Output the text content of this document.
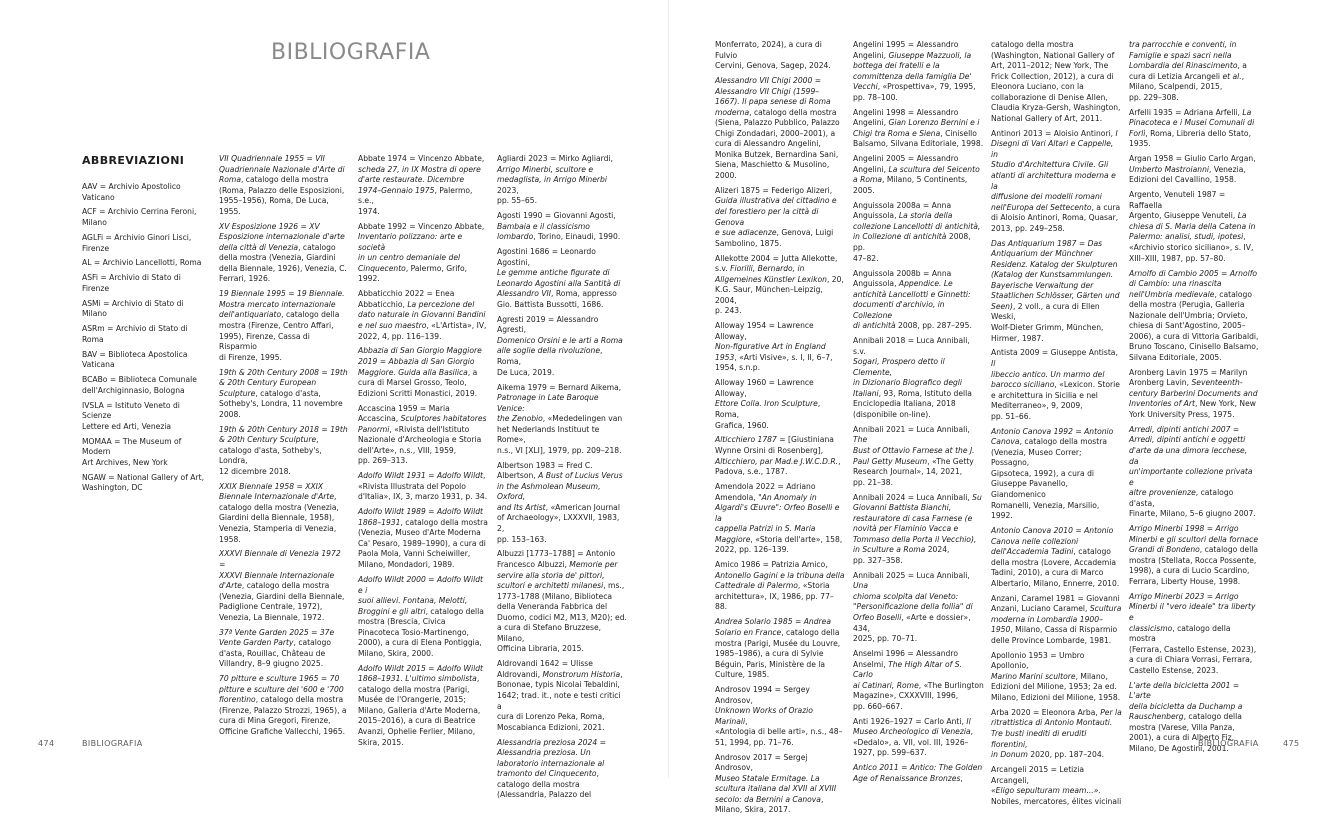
BIBLIOGRAFIA
ABBREVIAZIONI

AAV = Archivio Apostolico Vaticano

ACF = Archivio Cerrina Feroni,
Milano

AGLFi = Archivio Ginori Lisci,
Firenze

AL = Archivio Lancellotti, Roma

ASFi = Archivio di Stato di Firenze

ASMi = Archivio di Stato di Milano

ASRm = Archivio di Stato di Roma

BAV = Biblioteca Apostolica
Vaticana

BCABo = Biblioteca Comunale
dell'Archiginnasio, Bologna

IVSLA = Istituto Veneto di Scienze
Lettere ed Arti, Venezia

MOMAA = The Museum of Modern
Art Archives, New York

NGAW = National Gallery of Art,
Washington, DC

VII Quadriennale 1955 = VII
Quadriennale Nazionale d'Arte di
Roma, catalogo della mostra
(Roma, Palazzo delle Esposizioni,
1955–1956), Roma, De Luca,
1955.

XV Esposizione 1926 = XV
Esposizione internazionale d'arte
della città di Venezia, catalogo
della mostra (Venezia, Giardini
della Biennale, 1926), Venezia, C.
Ferrari, 1926.

19 Biennale 1995 = 19 Biennale.
Mostra mercato internazionale
dell'antiquariato, catalogo della
mostra (Firenze, Centro Affari,
1995), Firenze, Cassa di Risparmio
di Firenze, 1995.

19th & 20th Century 2008 = 19th
& 20th Century European
Sculpture, catalogo d'asta,
Sotheby's, Londra, 11 novembre
2008.

19th & 20th Century 2018 = 19th
& 20th Century Sculpture,
catalogo d'asta, Sotheby's, Londra,
12 dicembre 2018.

XXIX Biennale 1958 = XXIX
Biennale Internazionale d'Arte,
catalogo della mostra (Venezia,
Giardini della Biennale, 1958),
Venezia, Stamperia di Venezia,
1958.

XXXVI Biennale di Venezia 1972 =
XXXVI Biennale Internazionale
d'Arte, catalogo della mostra
(Venezia, Giardini della Biennale,
Padiglione Centrale, 1972),
Venezia, La Biennale, 1972.

37ª Vente Garden 2025 = 37e
Vente Garden Party, catalogo
d'asta, Rouillac, Château de
Villandry, 8–9 giugno 2025.

70 pitture e sculture 1965 = 70
pitture e sculture del '600 e '700
fiorentino, catalogo della mostra
(Firenze, Palazzo Strozzi, 1965), a
cura di Mina Gregori, Firenze,
Officine Grafiche Vallecchi, 1965.

Abbate 1974 = Vincenzo Abbate,
scheda 27, in IX Mostra di opere
d'arte restaurate. Dicembre
1974–Gennaio 1975, Palermo, s.e.,
1974.

Abbate 1992 = Vincenzo Abbate,
Inventario polizzano: arte e società
in un centro demaniale del
Cinquecento, Palermo, Grifo, 1992.

Abbaticchio 2022 = Enea
Abbaticchio, La percezione del
dato naturale in Giovanni Bandini
e nel suo maestro, «L'Artista», IV,
2022, 4, pp. 116–139.

Abbazia di San Giorgio Maggiore
2019 = Abbazia di San Giorgio
Maggiore. Guida alla Basilica, a
cura di Marsel Grosso, Teolo,
Edizioni Scritti Monastici, 2019.

Accascina 1959 = Maria
Accascina, Sculptores habitatores
Panormi, «Rivista dell'Istituto
Nazionale d'Archeologia e Storia
dell'Arte», n.s., VIII, 1959,
pp. 269–313.

Adolfo Wildt 1931 = Adolfo Wildt,
«Rivista Illustrata del Popolo
d'Italia», IX, 3, marzo 1931, p. 34.

Adolfo Wildt 1989 = Adolfo Wildt
1868–1931, catalogo della mostra
(Venezia, Museo d'Arte Moderna
Ca' Pesaro, 1989–1990), a cura di
Paola Mola, Vanni Scheiwiller,
Milano, Mondadori, 1989.

Adolfo Wildt 2000 = Adolfo Wildt e i
suoi allievi. Fontana, Melotti,
Broggini e gli altri, catalogo della
mostra (Brescia, Civica
Pinacoteca Tosio-Martinengo,
2000), a cura di Elena Pontiggia,
Milano, Skira, 2000.

Adolfo Wildt 2015 = Adolfo Wildt
1868–1931. L'ultimo simbolista,
catalogo della mostra (Parigi,
Musée de l'Orangerie, 2015;
Milano, Galleria d'Arte Moderna,
2015–2016), a cura di Beatrice
Avanzi, Ophelie Ferlier, Milano,
Skira, 2015.

Agliardi 2023 = Mirko Agliardi,
Arrigo Minerbi, scultore e
medaglista, in Arrigo Minerbi 2023,
pp. 55–65.

Agosti 1990 = Giovanni Agosti,
Bambaia e il classicismo
lombardo, Torino, Einaudi, 1990.

Agostini 1686 = Leonardo Agostini,
Le gemme antiche figurate di
Leonardo Agostini alla Santità di
Alessandro VII, Roma, appresso
Gio. Battista Bussotti, 1686.

Agresti 2019 = Alessandro Agresti,
Domenico Orsini e le arti a Roma
alle soglie della rivoluzione, Roma,
De Luca, 2019.

Aikema 1979 = Bernard Aikema,
Patronage in Late Baroque Venice:
the Zenobio, «Mededelingen van
het Nederlands Instituut te Rome»,
n.s., VI [XLI], 1979, pp. 209–218.

Albertson 1983 = Fred C.
Albertson, A Bust of Lucius Verus
in the Ashmolean Museum, Oxford,
and Its Artist, «American Journal
of Archaeology», LXXXVII, 1983, 2,
pp. 153–163.

Albuzzi [1773–1788] = Antonio
Francesco Albuzzi, Memorie per
servire alla storia de' pittori,
scultori e architetti milanesi, ms.,
1773–1788 (Milano, Biblioteca
della Veneranda Fabbrica del
Duomo, codici M2, M13, M20); ed.
a cura di Stefano Bruzzese, Milano,
Officina Libraria, 2015.

Aldrovandi 1642 = Ulisse
Aldrovandi, Monstrorum Historia,
Bononae, typis Nicolai Tebaldini,
1642; trad. it., note e testi critici a
cura di Lorenzo Peka, Roma,
Moscabianca Edizioni, 2021.

Alessandria preziosa 2024 =
Alessandria preziosa. Un
laboratorio internazionale al
tramonto del Cinquecento,
catalogo della mostra
(Alessandria, Palazzo del

474	BIBLIOGRAFIA

Monferrato, 2024), a cura di Fulvio
Cervini, Genova, Sagep, 2024.

Alessandro VII Chigi 2000 =
Alessandro VII Chigi (1599–
1667). Il papa senese di Roma
moderna, catalogo della mostra
(Siena, Palazzo Pubblico, Palazzo
Chigi Zondadari, 2000–2001), a
cura di Alessandro Angelini,
Monika Butzek, Bernardina Sani,
Siena, Maschietto & Musolino,
2000.

Alizeri 1875 = Federigo Alizeri,
Guida illustrativa del cittadino e
del forestiero per la città di Genova
e sue adiacenze, Genova, Luigi
Sambolino, 1875.

Allekotte 2004 = Jutta Allekotte,
s.v. Fiorilli, Bernardo, in
Allgemeines Künstler Lexikon, 20,
K.G. Saur, München–Leipzig, 2004,
p. 243.

Alloway 1954 = Lawrence Alloway,
Non-figurative Art in England
1953, «Arti Visive», s. I, II, 6–7,
1954, s.n.p.

Alloway 1960 = Lawrence Alloway,
Ettore Colla. Iron Sculpture, Roma,
Grafica, 1960.

Alticchiero 1787 = [Giustiniana
Wynne Orsini di Rosenberg],
Alticchiero, par Mad.e J.W.C.D.R.,
Padova, s.e., 1787.

Amendola 2022 = Adriano
Amendola, "An Anomaly in
Algardi's Œuvre": Orfeo Boselli e la
cappella Patrizi in S. Maria
Maggiore, «Storia dell'arte», 158,
2022, pp. 126–139.

Amico 1986 = Patrizia Amico,
Antonello Gagini e la tribuna della
Cattedrale di Palermo, «Storia
architettura», IX, 1986, pp. 77–88.

Andrea Solario 1985 = Andrea
Solario en France, catalogo della
mostra (Parigi, Musée du Louvre,
1985–1986), a cura di Sylvie
Béguin, Paris, Ministère de la
Culture, 1985.

Androsov 1994 = Sergey Androsov,
Unknown Works of Orazio Marinali,
«Antologia di belle arti», n.s., 48–
51, 1994, pp. 71–76.

Androsov 2017 = Sergej Androsov,
Museo Statale Ermitage. La
scultura italiana dal XVII al XVIII
secolo: da Bernini a Canova,
Milano, Skira, 2017.

Angelini 1995 = Alessandro
Angelini, Giuseppe Mazzuoli, la
bottega dei fratelli e la
committenza della famiglia De'
Vecchi, «Prospettiva», 79, 1995,
pp. 78–100.

Angelini 1998 = Alessandro
Angelini, Gian Lorenzo Bernini e i
Chigi tra Roma e Siena, Cinisello
Balsamo, Silvana Editoriale, 1998.

Angelini 2005 = Alessandro
Angelini, La scultura del Seicento
a Roma, Milano, 5 Continents,
2005.

Anguissola 2008a = Anna
Anguissola, La storia della
collezione Lancellotti di antichità,
in Collezione di antichità 2008, pp.
47–82.

Anguissola 2008b = Anna
Anguissola, Appendice. Le
antichità Lancellotti e Ginnetti:
documenti d'archivio, in Collezione
di antichità 2008, pp. 287–295.

Annibali 2018 = Luca Annibali, s.v.
Sogari, Prospero detto il Clemente,
in Dizionario Biografico degli
Italiani, 93, Roma, Istituto della
Enciclopedia Italiana, 2018
(disponibile on-line).

Annibali 2021 = Luca Annibali, The
Bust of Ottavio Farnese at the J.
Paul Getty Museum, «The Getty
Research Journal», 14, 2021,
pp. 21–38.

Annibali 2024 = Luca Annibali, Su
Giovanni Battista Bianchi,
restauratore di casa Farnese (e
novità per Flaminio Vacca e
Tommaso della Porta il Vecchio),
in Sculture a Roma 2024,
pp. 327–358.

Annibali 2025 = Luca Annibali, Una
chioma scolpita dal Veneto:
"Personificazione della follia" di
Orfeo Boselli, «Arte e dossier», 434,
2025, pp. 70–71.

Anselmi 1996 = Alessandro
Anselmi, The High Altar of S. Carlo
ai Catinari, Rome, «The Burlington
Magazine», CXXXVIII, 1996,
pp. 660–667.

Anti 1926–1927 = Carlo Anti, Il
Museo Archeologico di Venezia,
«Dedalo», a. VII, vol. III, 1926–
1927, pp. 599–637.

Antico 2011 = Antico: The Golden
Age of Renaissance Bronzes,

catalogo della mostra
(Washington, National Gallery of
Art, 2011–2012; New York, The
Frick Collection, 2012), a cura di
Eleonora Luciano, con la
collaborazione di Denise Allen,
Claudia Kryza-Gersh, Washington,
National Gallery of Art, 2011.

Antinori 2013 = Aloisio Antinori, I
Disegni di Vari Altari e Cappelle, in
Studio d'Architettura Civile. Gli
atlanti di architettura moderna e la
diffusione dei modelli romani
nell'Europa del Settecento, a cura
di Aloisio Antinori, Roma, Quasar,
2013, pp. 249–258.

Das Antiquarium 1987 = Das
Antiquarium der Münchner
Residenz. Katalog der Skulpturen
(Katalog der Kunstsammlungen.
Bayerische Verwaltung der
Staatlichen Schlösser, Gärten und
Seen), 2 voll., a cura di Ellen Weski,
Wolf-Dieter Grimm, München,
Hirmer, 1987.

Antista 2009 = Giuseppe Antista, Il
libeccio antico. Un marmo del
barocco siciliano, «Lexicon. Storie
e architettura in Sicilia e nel
Mediterraneo», 9, 2009,
pp. 51–66.

Antonio Canova 1992 = Antonio
Canova, catalogo della mostra
(Venezia, Museo Correr; Possagno,
Gipsoteca, 1992), a cura di
Giuseppe Pavanello, Giandomenico
Romanelli, Venezia, Marsilio, 1992.

Antonio Canova 2010 = Antonio
Canova nelle collezioni
dell'Accademia Tadini, catalogo
della mostra (Lovere, Accademia
Tadini, 2010), a cura di Marco
Albertario, Milano, Ennerre, 2010.

Anzani, Caramel 1981 = Giovanni
Anzani, Luciano Caramel, Scultura
moderna in Lombardia 1900–
1950, Milano, Cassa di Risparmio
delle Province Lombarde, 1981.

Apollonio 1953 = Umbro Apollonio,
Marino Marini scultore, Milano,
Edizioni del Milione, 1953; 2a ed.
Milano, Edizioni del Milione, 1958.

Arba 2020 = Eleonora Arba, Per la
ritrattistica di Antonio Montauti.
Tre busti inediti di eruditi fiorentini,
in Donum 2020, pp. 187–204.

Arcangeli 2015 = Letizia Arcangeli,
«Eligo sepulturam meam...».
Nobiles, mercatores, élites vicinali

tra parrocchie e conventi, in
Famiglie e spazi sacri nella
Lombardia del Rinascimento, a
cura di Letizia Arcangeli et al.,
Milano, Scalpendi, 2015,
pp. 229–308.

Arfelli 1935 = Adriana Arfelli, La
Pinacoteca e i Musei Comunali di
Forlì, Roma, Libreria dello Stato,
1935.

Argan 1958 = Giulio Carlo Argan,
Umberto Mastroianni, Venezia,
Edizioni del Cavallino, 1958.

Argento, Venuteli 1987 = Raffaella
Argento, Giuseppe Venuteli, La
chiesa di S. Maria della Catena in
Palermo: analisi, studi, ipotesi,
«Archivio storico siciliano», s. IV,
XIII–XIII, 1987, pp. 57–80.

Arnolfo di Cambio 2005 = Arnolfo
di Cambio: una rinascita
nell'Umbria medievale, catalogo
della mostra (Perugia, Galleria
Nazionale dell'Umbria; Orvieto,
chiesa di Sant'Agostino, 2005–
2006), a cura di Vittoria Garibaldi,
Bruno Toscano, Cinisello Balsamo,
Silvana Editoriale, 2005.

Aronberg Lavin 1975 = Marilyn
Aronberg Lavin, Seventeenth-
century Barberini Documents and
Inventories of Art, New York, New
York University Press, 1975.

Arredi, dipinti antichi 2007 =
Arredi, dipinti antichi e oggetti
d'arte da una dimora lecchese, da
un'importante collezione privata e
altre provenienze, catalogo d'asta,
Finarte, Milano, 5–6 giugno 2007.

Arrigo Minerbi 1998 = Arrigo
Minerbi e gli scultori della fornace
Grandi di Bondeno, catalogo della
mostra (Stellata, Rocca Possente,
1998), a cura di Lucio Scardino,
Ferrara, Liberty House, 1998.

Arrigo Minerbi 2023 = Arrigo
Minerbi il "vero ideale" tra liberty e
classicismo, catalogo della mostra
(Ferrara, Castello Estense, 2023),
a cura di Chiara Vorrasi, Ferrara,
Castello Estense, 2023.

L'arte della bicicletta 2001 = L'arte
della bicicletta da Duchamp a
Rauschenberg, catalogo della
mostra (Varese, Villa Panza,
2001), a cura di Alberto Fiz,
Milano, De Agostini, 2001.

BIBLIOGRAFIA	475
